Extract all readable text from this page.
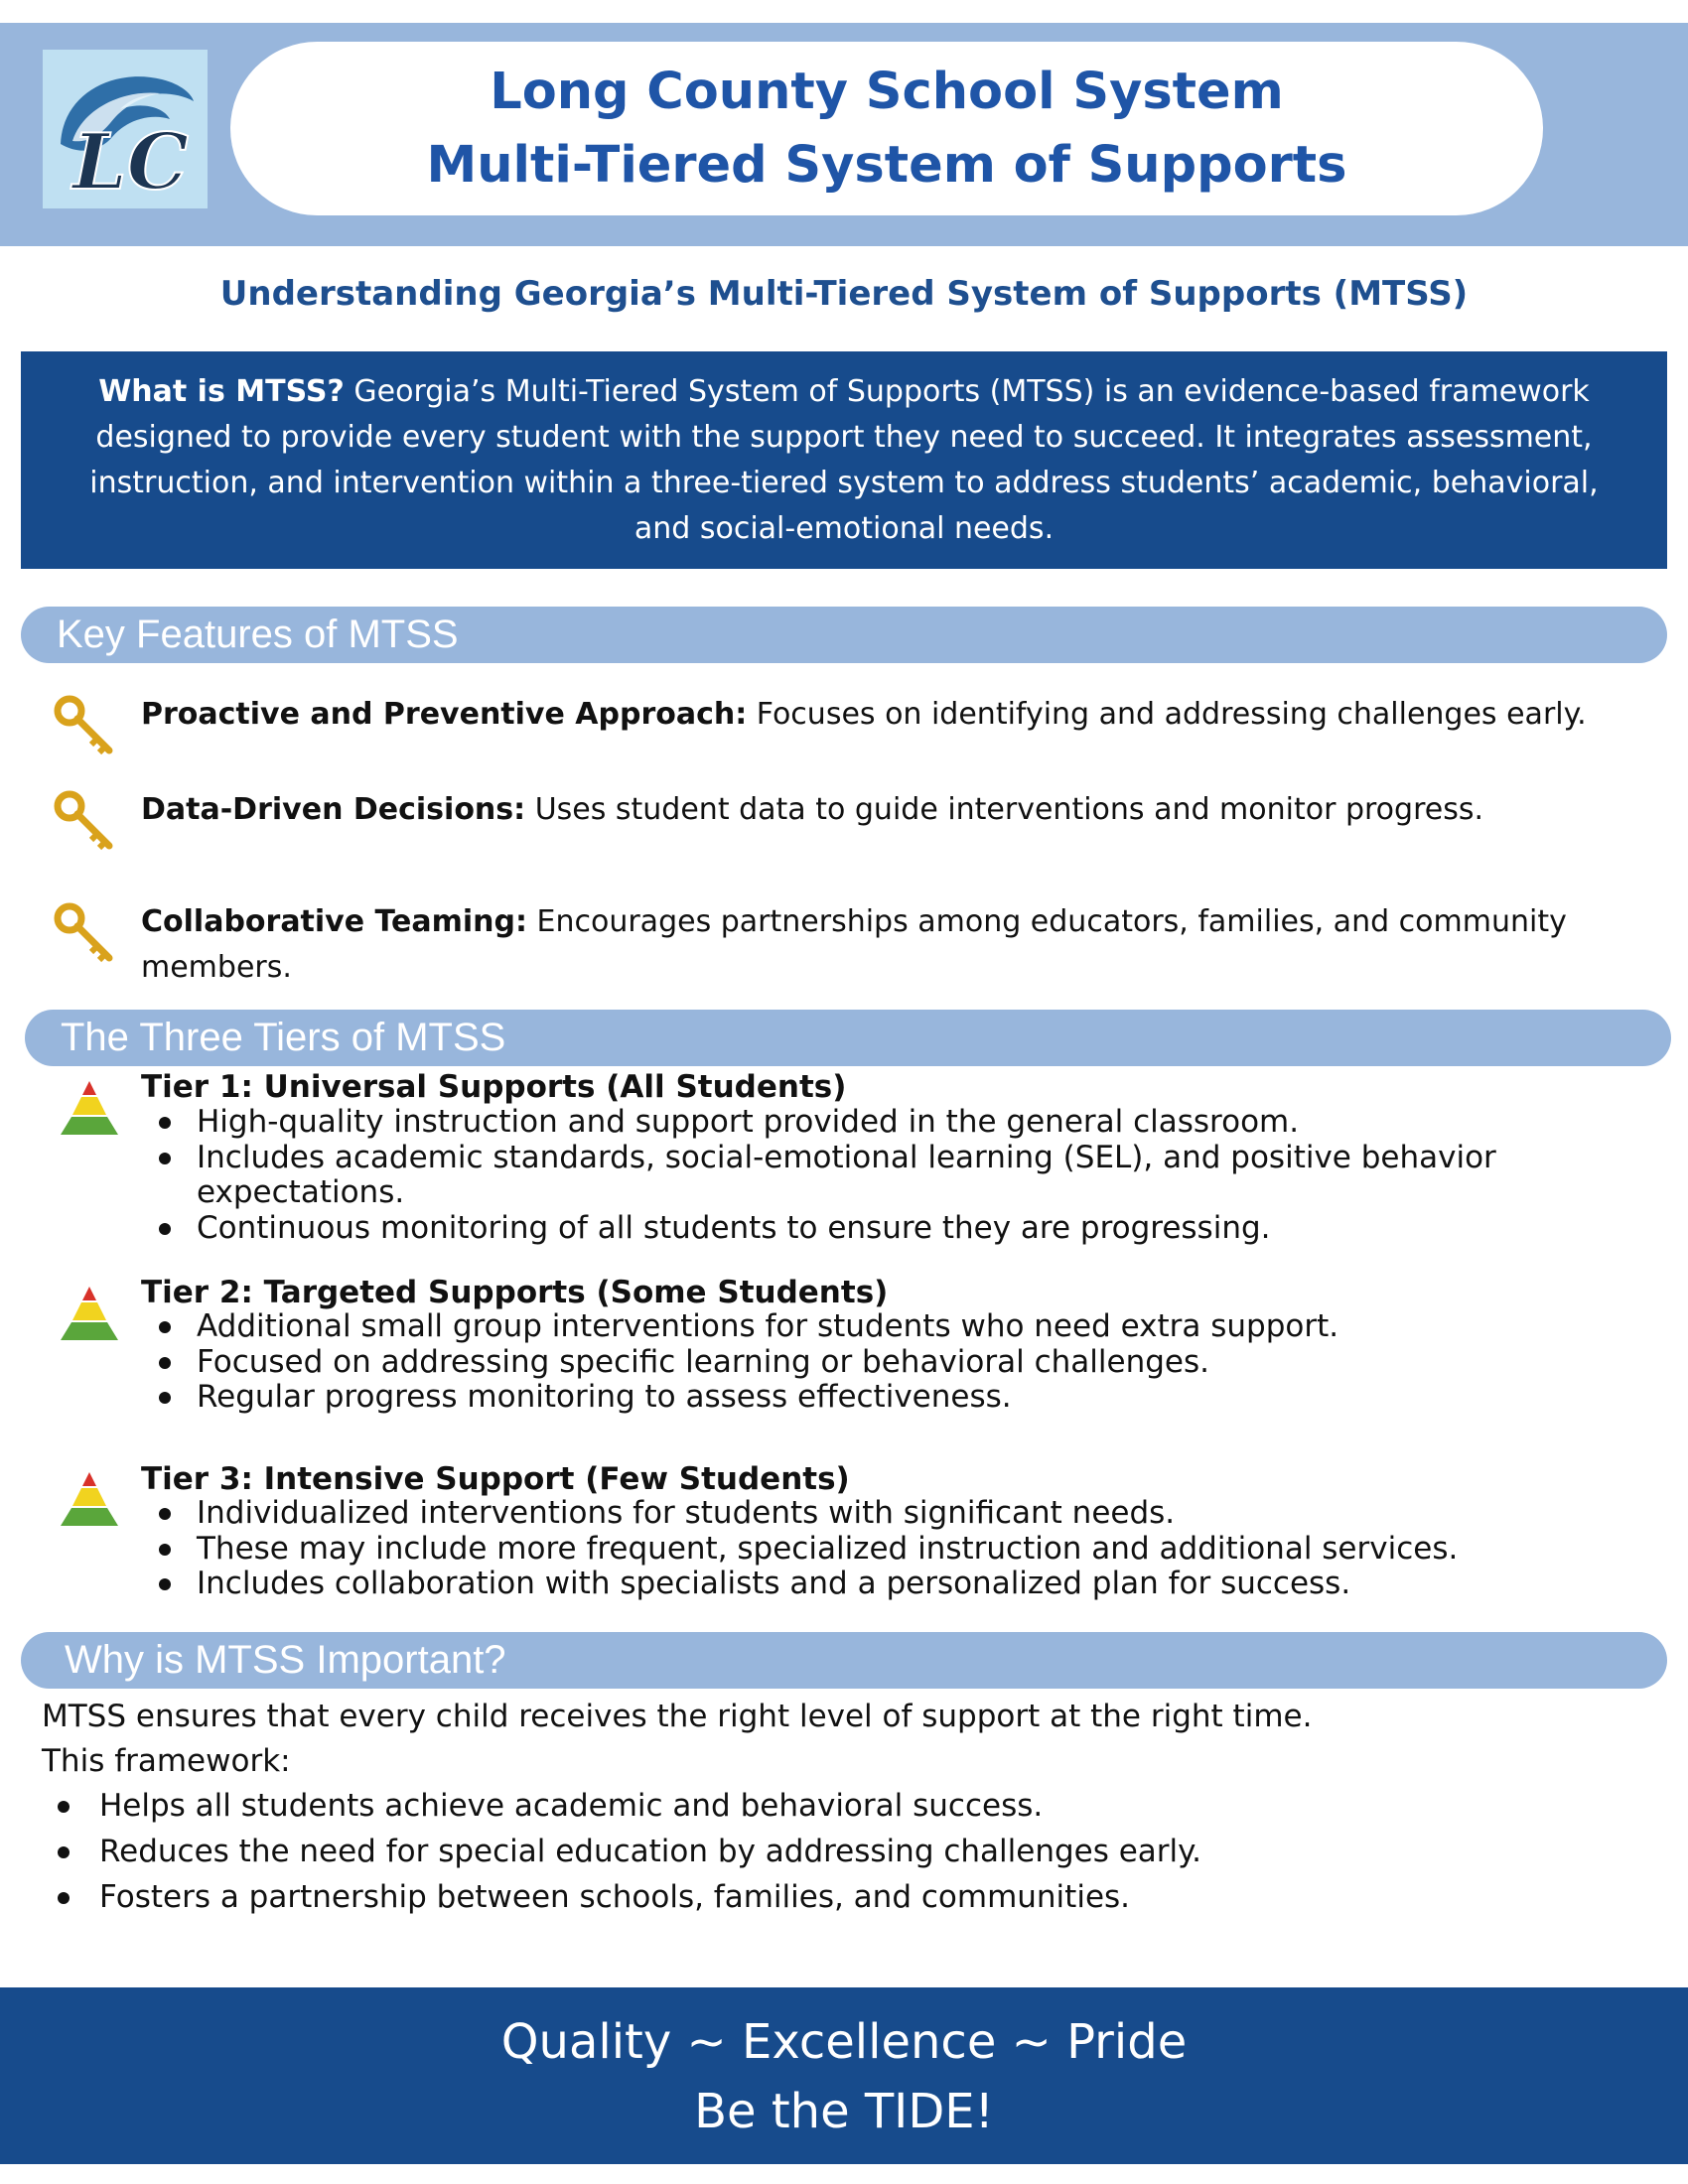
LC
Long County School System
Multi-Tiered System of Supports
Understanding Georgia’s Multi-Tiered System of Supports (MTSS)

What is MTSS? Georgia’s Multi-Tiered System of Supports (MTSS) is an evidence-based framework designed to provide every student with the support they need to succeed. It integrates assessment, instruction, and intervention within a three-tiered system to address students’ academic, behavioral, and social-emotional needs.

Key Features of MTSS
Proactive and Preventive Approach: Focuses on identifying and addressing challenges early.
Data-Driven Decisions: Uses student data to guide interventions and monitor progress.
Collaborative Teaming: Encourages partnerships among educators, families, and community members.
The Three Tiers of MTSS
Tier 1: Universal Supports (All Students)
High-quality instruction and support provided in the general classroom.
Includes academic standards, social-emotional learning (SEL), and positive behavior expectations.
Continuous monitoring of all students to ensure they are progressing.
Tier 2: Targeted Supports (Some Students)
Additional small group interventions for students who need extra support.
Focused on addressing specific learning or behavioral challenges.
Regular progress monitoring to assess effectiveness.
Tier 3: Intensive Support (Few Students)
Individualized interventions for students with significant needs.
These may include more frequent, specialized instruction and additional services.
Includes collaboration with specialists and a personalized plan for success.
Why is MTSS Important?
MTSS ensures that every child receives the right level of support at the right time.
This framework:
Helps all students achieve academic and behavioral success.
Reduces the need for special education by addressing challenges early.
Fosters a partnership between schools, families, and communities.
Quality ~ Excellence ~ Pride
Be the TIDE!
